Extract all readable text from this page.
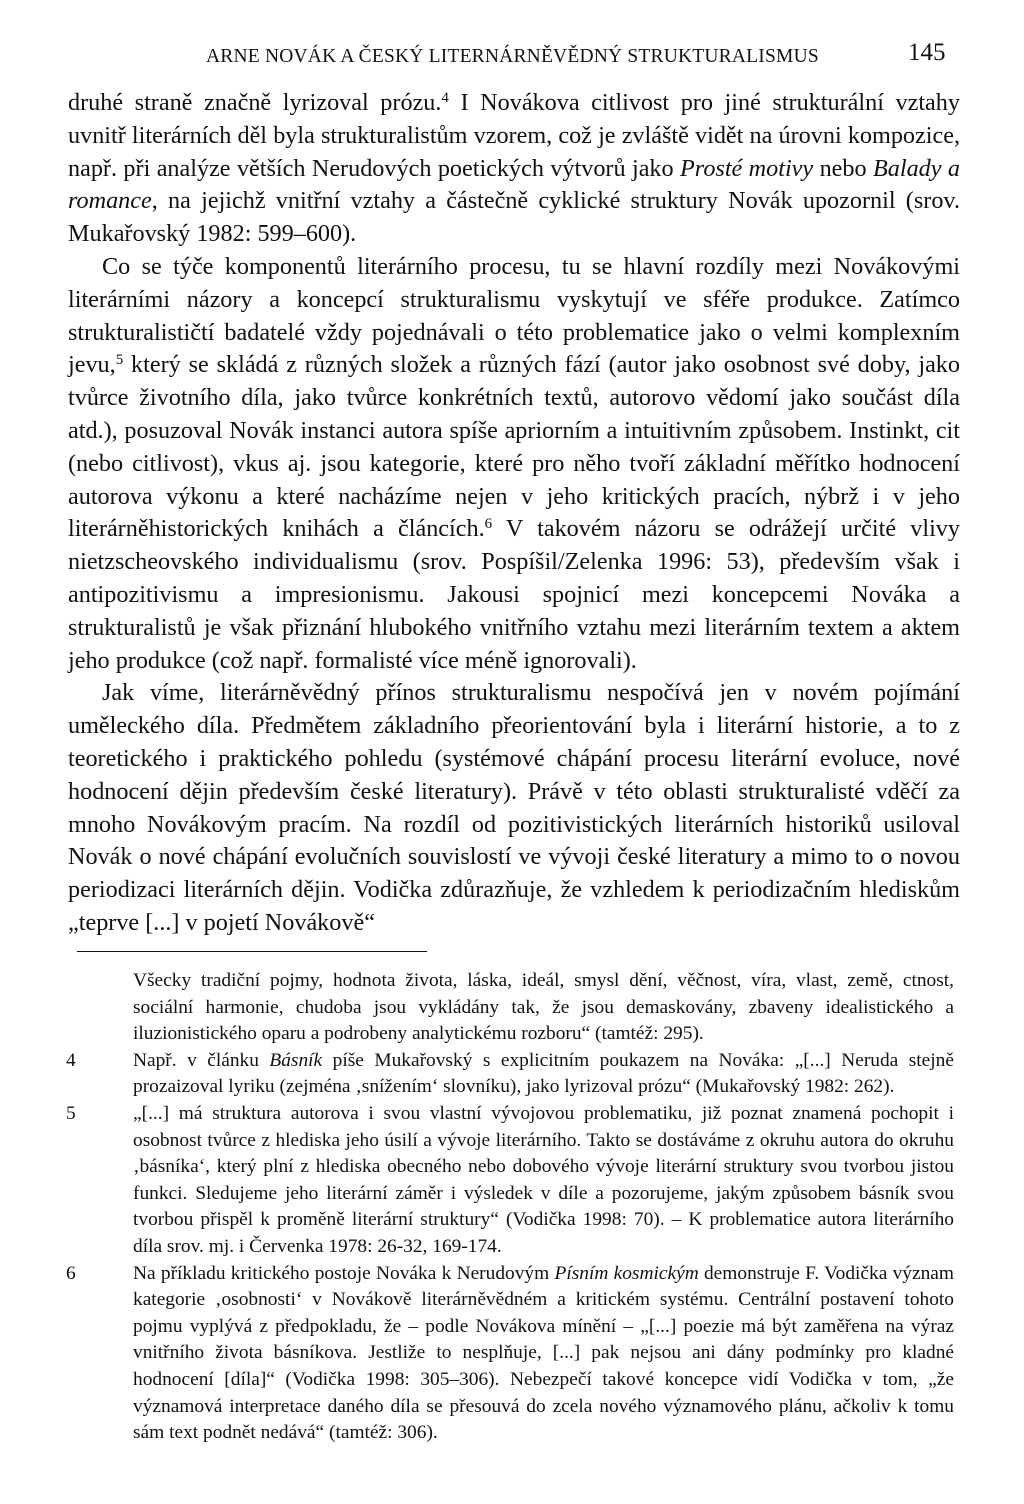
ARNE NOVÁK A ČESKÝ LITERNÁRNĚVĚDNÝ STRUKTURALISMUS	145

druhé straně značně lyrizoval prózu.$^4$ I Novákova citlivost pro jiné strukturální vztahy uvnitř literárních děl byla strukturalistům vzorem, což je zvláště vidět na úrovni kompozice, např. při analýze větších Nerudových poetických výtvorů jako Prosté motivy nebo Balady a romance, na jejichž vnitřní vztahy a částečně cyklické struktury Novák upozornil (srov. Mukařovský 1982: 599–600).

Co se týče komponentů literárního procesu, tu se hlavní rozdíly mezi Novákovými literárními názory a koncepcí strukturalismu vyskytují ve sféře produkce. Zatímco strukturalističtí badatelé vždy pojednávali o této problematice jako o velmi komplexním jevu,$^5$ který se skládá z různých složek a různých fází (autor jako osobnost své doby, jako tvůrce životního díla, jako tvůrce konkrétních textů, autorovo vědomí jako součást díla atd.), posuzoval Novák instanci autora spíše apriorním a intuitivním způsobem. Instinkt, cit (nebo citlivost), vkus aj. jsou kategorie, které pro něho tvoří základní měřítko hodnocení autorova výkonu a které nacházíme nejen v jeho kritických pracích, nýbrž i v jeho literárněhistorických knihách a článcích.$^6$ V takovém názoru se odrážejí určité vlivy nietzscheovského individualismu (srov. Pospíšil/Zelenka 1996: 53), především však i antipozitivismu a impresionismu. Jakousi spojnicí mezi koncepcemi Nováka a strukturalistů je však přiznání hlubokého vnitřního vztahu mezi literárním textem a aktem jeho produkce (což např. formalisté více méně ignorovali).

Jak víme, literárněvědný přínos strukturalismu nespočívá jen v novém pojímání uměleckého díla. Předmětem základního přeorientování byla i literární historie, a to z teoretického i praktického pohledu (systémové chápání procesu literární evoluce, nové hodnocení dějin především české literatury). Právě v této oblasti strukturalisté vděčí za mnoho Novákovým pracím. Na rozdíl od pozitivistických literárních historiků usiloval Novák o nové chápání evolučních souvislostí ve vývoji české literatury a mimo to o novou periodizaci literárních dějin. Vodička zdůrazňuje, že vzhledem k periodizačním hlediskům „teprve [...] v pojetí Novákově“

Všecky tradiční pojmy, hodnota života, láska, ideál, smysl dění, věčnost, víra, vlast, země, ctnost, sociální harmonie, chudoba jsou vykládány tak, že jsou demaskovány, zbaveny idealistického a iluzionistického oparu a podrobeny analytickému rozboru“ (tamtéž: 295).

4	Např. v článku Básník píše Mukařovský s explicitním poukazem na Nováka: „[...] Neruda stejně prozaizoval lyriku (zejména ‚snížením‘ slovníku), jako lyrizoval prózu“ (Mukařovský 1982: 262).

5	„[...] má struktura autorova i svou vlastní vývojovou problematiku, již poznat znamená pochopit i osobnost tvůrce z hlediska jeho úsilí a vývoje literárního. Takto se dostáváme z okruhu autora do okruhu ‚básníka‘, který plní z hlediska obecného nebo dobového vývoje literární struktury svou tvorbou jistou funkci. Sledujeme jeho literární záměr i výsledek v díle a pozorujeme, jakým způsobem básník svou tvorbou přispěl k proměně literární struktury“ (Vodička 1998: 70). – K problematice autora literárního díla srov. mj. i Červenka 1978: 26-32, 169-174.

6	Na příkladu kritického postoje Nováka k Nerudovým Písním kosmickým demonstruje F. Vodička význam kategorie ‚osobnosti‘ v Novákově literárněvědném a kritickém systému. Centrální postavení tohoto pojmu vyplývá z předpokladu, že – podle Novákova mínění – „[...] poezie má být zaměřena na výraz vnitřního života básníkova. Jestliže to nesplňuje, [...] pak nejsou ani dány podmínky pro kladné hodnocení [díla]“ (Vodička 1998: 305–306). Nebezpečí takové koncepce vidí Vodička v tom, „že významová interpretace daného díla se přesouvá do zcela nového významového plánu, ačkoliv k tomu sám text podnět nedává“ (tamtéž: 306).
